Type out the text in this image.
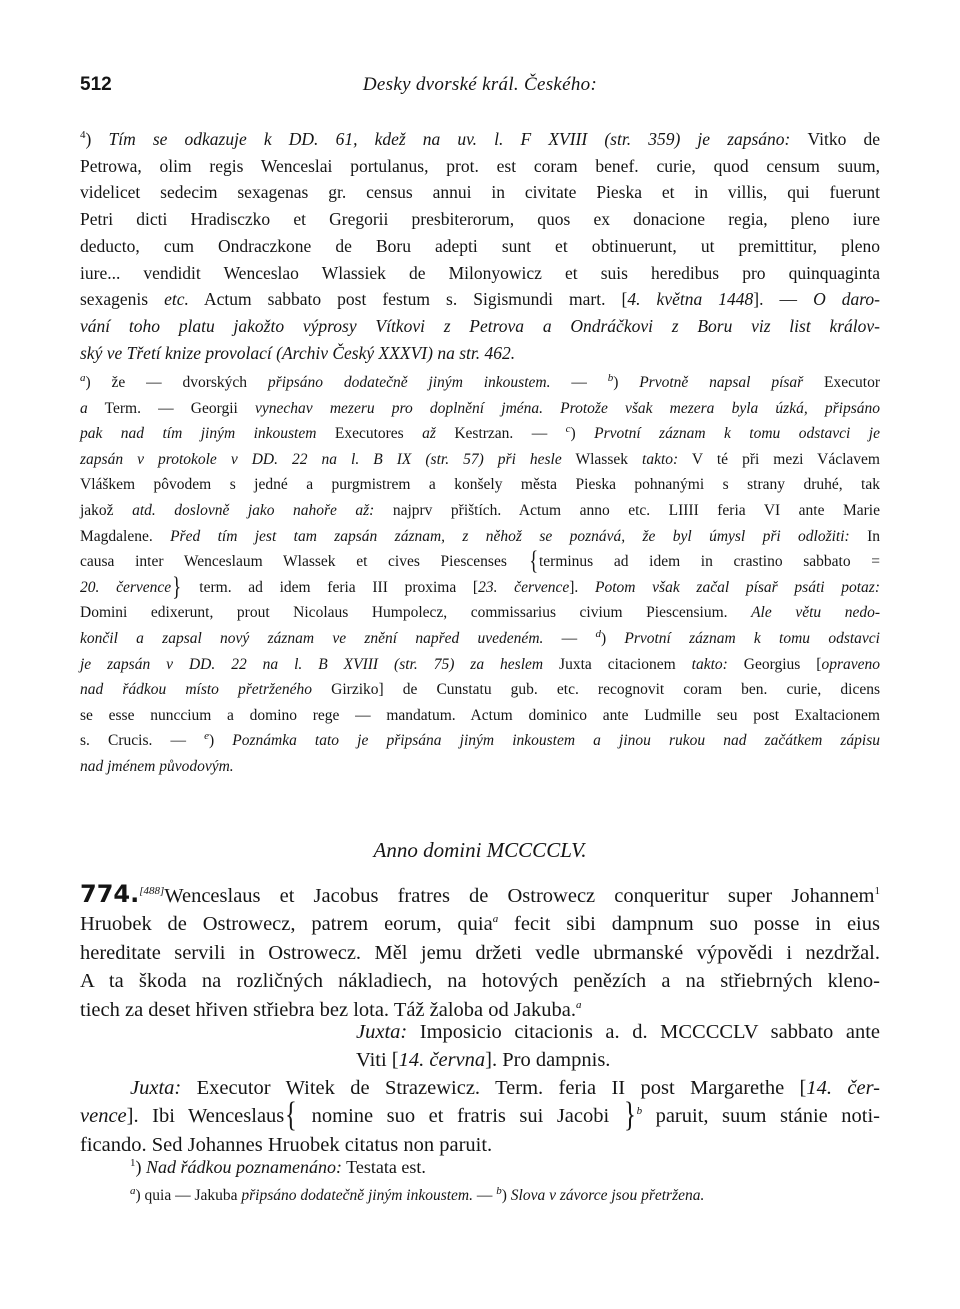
512	Desky dvorské král. Českého:
$^4$) Tím se odkazuje k DD. 61, kdež na uv. l. F XVIII (str. 359) je zapsáno: Vitko de
Petrowa, olim regis Wenceslai portulanus, prot. est coram benef. curie, quod censum suum,
videlicet sedecim sexagenas gr. census annui in civitate Pieska et in villis, qui fuerunt
Petri dicti Hradisczko et Gregorii presbiterorum, quos ex donacione regia, pleno iure
deducto, cum Ondraczkone de Boru adepti sunt et obtinuerunt, ut premittitur, pleno
iure... vendidit Wenceslao Wlassiek de Milonyowicz et suis heredibus pro quinquaginta
sexagenis etc. Actum sabbato post festum s. Sigismundi mart. [4. května 1448]. — O daro-
vání toho platu jakožto výprosy Vítkovi z Petrova a Ondráčkovi z Boru viz list králov-
ský ve Třetí knize provolací (Archiv Český XXXVI) na str. 462.
$^a$) že — dvorských připsáno dodatečně jiným inkoustem. — $^b$) Prvotně napsal písař Executor
a Term. — Georgii vynechav mezeru pro doplnění jména. Protože však mezera byla úzká, připsáno
pak nad tím jiným inkoustem Executores až Kestrzan. — $^c$) Prvotní záznam k tomu odstavci je
zapsán v protokole v DD. 22 na l. B IX (str. 57) při hesle Wlassek takto: V té při mezi Václavem
Vláškem pôvodem s jedné a purgmistrem a konšely města Pieska pohnanými s strany druhé, tak
jakož atd. doslovně jako nahoře až: najprv přištích. Actum anno etc. LIIII feria VI ante Marie
Magdalene. Před tím jest tam zapsán záznam, z něhož se poznává, že byl úmysl při odložiti: In
causa inter Wenceslaum Wlassek et cives Piescenses {terminus ad idem in crastino sabbato =
20. července} term. ad idem feria III proxima [23. července]. Potom však začal písař psáti potaz:
Domini edixerunt, prout Nicolaus Humpolecz, commissarius civium Piescensium. Ale větu nedo-
končil a zapsal nový záznam ve znění napřed uvedeném. — $^d$) Prvotní záznam k tomu odstavci
je zapsán v DD. 22 na l. B XVIII (str. 75) za heslem Juxta citacionem takto: Georgius [opraveno
nad řádkou místo přetrženého Girziko] de Cunstatu gub. etc. recognovit coram ben. curie, dicens
se esse nunccium a domino rege — mandatum. Actum dominico ante Ludmille seu post Exaltacionem
s. Crucis. — $^e$) Poznámka tato je připsána jiným inkoustem a jinou rukou nad začátkem zápisu
nad jménem původovým.
Anno domini MCCCCLV.
774.[488]Wenceslaus et Jacobus fratres de Ostrowecz conqueritur super Johannem$^1$
Hruobek de Ostrowecz, patrem eorum, quia$^a$ fecit sibi dampnum suo posse in eius
hereditate servili in Ostrowecz. Měl jemu držeti vedle ubrmanské výpovědi i nezdržal.
A ta škoda na rozličných nákladiech, na hotových penězích a na střiebrných kleno-
tiech za deset hřiven střiebra bez lota. Táž žaloba od Jakuba.$^a$
Juxta: Imposicio citacionis a. d. MCCCCLV sabbato ante
Viti [14. června]. Pro dampnis.
Juxta: Executor Witek de Strazewicz. Term. feria II post Margarethe [14. čer-
vence]. Ibi Wenceslaus{ nomine suo et fratris sui Jacobi }$^b$ paruit, suum stánie noti-
ficando. Sed Johannes Hruobek citatus non paruit.
$^1$) Nad řádkou poznamenáno: Testata est.
$^a$) quia — Jakuba připsáno dodatečně jiným inkoustem. — $^b$) Slova v závorce jsou přetržena.
